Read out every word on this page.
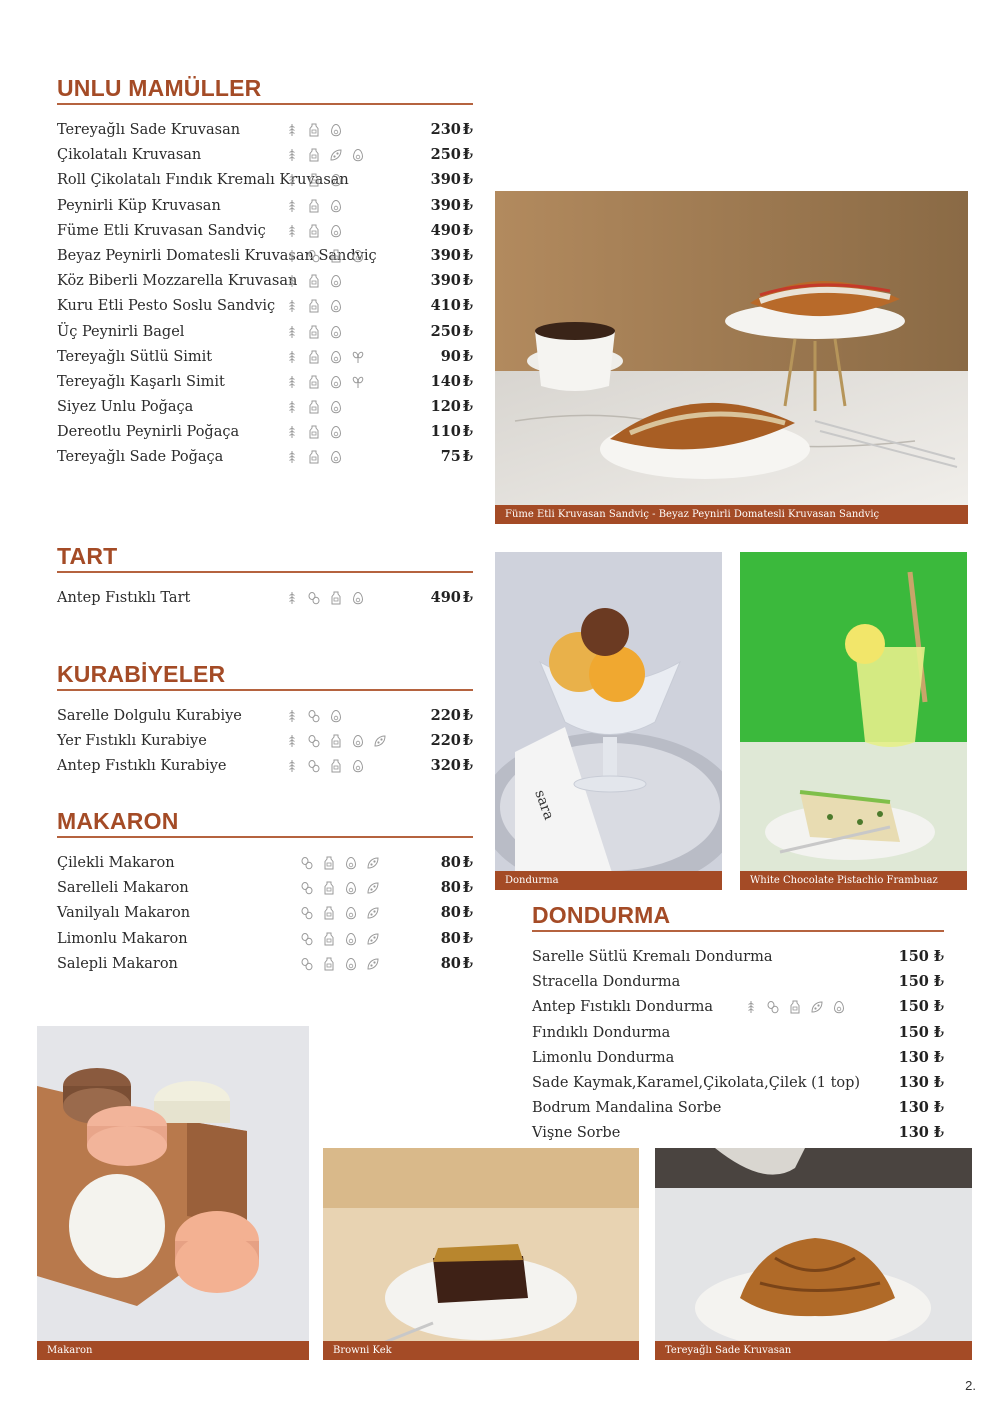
UNLU MAMÜLLER
Tereyağlı Sade Kruvasan	230 ₺
Çikolatalı Kruvasan	250 ₺
Roll Çikolatalı Fındık Kremalı Kruvasan	390 ₺
Peynirli Küp Kruvasan	390 ₺
Füme Etli Kruvasan Sandviç	490 ₺
Beyaz Peynirli Domatesli Kruvasan Sandviç	390 ₺
Köz Biberli Mozzarella Kruvasan	390 ₺
Kuru Etli Pesto Soslu Sandviç	410 ₺
Üç Peynirli Bagel	250 ₺
Tereyağlı Sütlü Simit	90 ₺
Tereyağlı Kaşarlı Simit	140 ₺
Siyez Unlu Poğaça	120 ₺
Dereotlu Peynirli Poğaça	110 ₺
Tereyağlı Sade Poğaça	75 ₺
TART
Antep Fıstıklı Tart	490 ₺
KURABİYELER
Sarelle Dolgulu Kurabiye	220 ₺
Yer Fıstıklı Kurabiye	220 ₺
Antep Fıstıklı Kurabiye	320 ₺
MAKARON
Çilekli Makaron	80 ₺
Sarelleli Makaron	80 ₺
Vanilyalı Makaron	80 ₺
Limonlu Makaron	80 ₺
Salepli Makaron	80 ₺
DONDURMA
Sarelle Sütlü Kremalı Dondurma	150 ₺
Stracella Dondurma	150 ₺
Antep Fıstıklı Dondurma	150 ₺
Fındıklı Dondurma	150 ₺
Limonlu Dondurma	130 ₺
Sade Kaymak,Karamel,Çikolata,Çilek (1 top)	130 ₺
Bodrum Mandalina Sorbe	130 ₺
Vişne Sorbe	130 ₺
Füme Etli Kruvasan Sandviç - Beyaz Peynirli Domatesli Kruvasan Sandviç
sara
Dondurma	White Chocolate Pistachio Frambuaz
Makaron	Browni Kek	Tereyağlı Sade Kruvasan
2.
